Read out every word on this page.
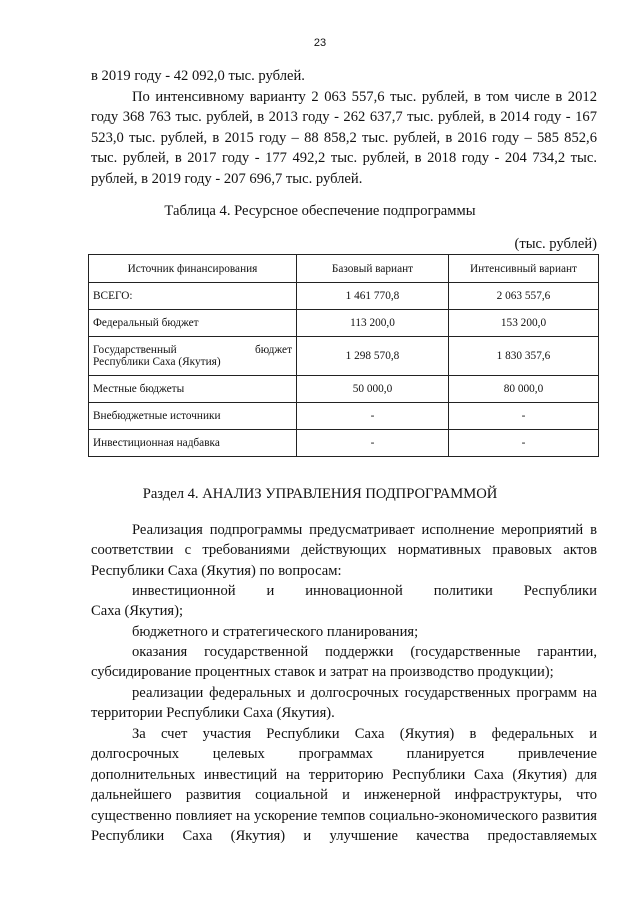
23

в 2019 году - 42 092,0 тыс. рублей.

По интенсивному варианту 2 063 557,6 тыс. рублей, в том числе в 2012 году 368 763 тыс. рублей, в 2013 году - 262 637,7 тыс. рублей, в 2014 году - 167 523,0 тыс. рублей, в 2015 году – 88 858,2 тыс. рублей, в 2016 году – 585 852,6 тыс. рублей, в 2017 году - 177 492,2 тыс. рублей, в 2018 году - 204 734,2 тыс. рублей, в 2019 году - 207 696,7 тыс. рублей.

Таблица 4. Ресурсное обеспечение подпрограммы

(тыс. рублей)
Источник финансирования	Базовый вариант	Интенсивный вариант
ВСЕГО:	1 461 770,8	2 063 557,6
Федеральный бюджет	113 200,0	153 200,0

Государственный бюджет
Республики Саха (Якутия)	1 298 570,8	1 830 357,6
Местные бюджеты	50 000,0	80 000,0
Внебюджетные источники	-	-
Инвестиционная надбавка	-	-

Раздел 4. АНАЛИЗ УПРАВЛЕНИЯ ПОДПРОГРАММОЙ

Реализация подпрограммы предусматривает исполнение мероприятий в соответствии с требованиями действующих нормативных правовых актов Республики Саха (Якутия) по вопросам:

инвестиционной и инновационной политики Республики
Саха (Якутия);

бюджетного и стратегического планирования;

оказания государственной поддержки (государственные гарантии, субсидирование процентных ставок и затрат на производство продукции);

реализации федеральных и долгосрочных государственных программ на территории Республики Саха (Якутия).

За счет участия Республики Саха (Якутия) в федеральных и
долгосрочных целевых программах планируется привлечение
дополнительных инвестиций на территорию Республики Саха (Якутия) для дальнейшего развития социальной и инженерной инфраструктуры, что существенно повлияет на ускорение темпов социально-экономического развития Республики Саха (Якутия) и улучшение качества предоставляемых
